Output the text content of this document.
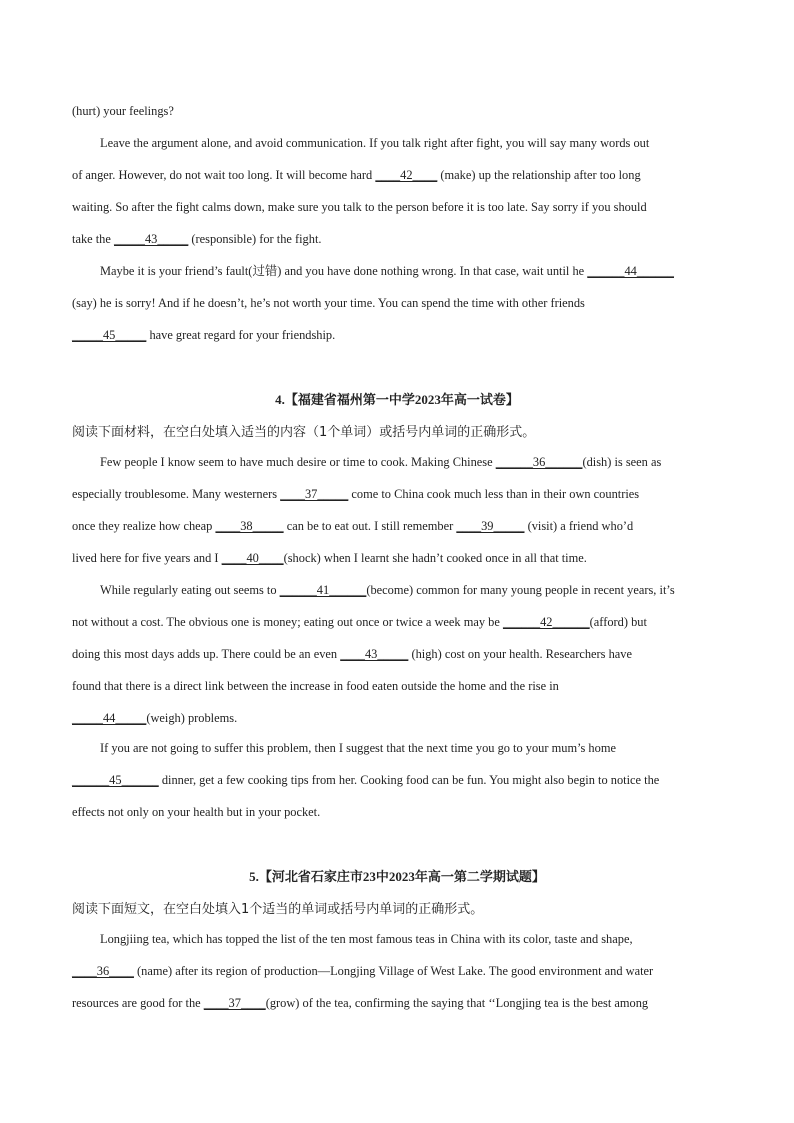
(hurt) your feelings?
Leave the argument alone, and avoid communication. If you talk right after fight, you will say many words out
of anger. However, do not wait too long. It will become hard ____42____ (make) up the relationship after too long
waiting. So after the fight calms down, make sure you talk to the person before it is too late. Say sorry if you should
take the _____43_____ (responsible) for the fight.
Maybe it is your friend’s fault(过错) and you have done nothing wrong. In that case, wait until he ______44______
(say) he is sorry! And if he doesn’t, he’s not worth your time. You can spend the time with other friends
_____45_____ have great regard for your friendship.
4.【福建省福州第一中学2023年高一试卷】
阅读下面材料，在空白处填入适当的内容（1个单词）或括号内单词的正确形式。
Few people I know seem to have much desire or time to cook. Making Chinese ______36______(dish) is seen as
especially troublesome. Many westerners ____37_____ come to China cook much less than in their own countries
once they realize how cheap ____38_____ can be to eat out. I still remember ____39_____ (visit) a friend who’d
lived here for five years and I ____40____(shock) when I learnt she hadn’t cooked once in all that time.
While regularly eating out seems to ______41______(become) common for many young people in recent years, it’s
not without a cost. The obvious one is money; eating out once or twice a week may be ______42______(afford) but
doing this most days adds up. There could be an even ____43_____ (high) cost on your health. Researchers have
found that there is a direct link between the increase in food eaten outside the home and the rise in
_____44_____(weigh) problems.
If you are not going to suffer this problem, then I suggest that the next time you go to your mum’s home
______45______ dinner, get a few cooking tips from her. Cooking food can be fun. You might also begin to notice the
effects not only on your health but in your pocket.
5.【河北省石家庄市23中2023年高一第二学期试题】
阅读下面短文，在空白处填入1个适当的单词或括号内单词的正确形式。
Longjiing tea, which has topped the list of the ten most famous teas in China with its color, taste and shape,
____36____ (name) after its region of production—Longjing Village of West Lake. The good environment and water
resources are good for the ____37____(grow) of the tea, confirming the saying that ‘‘Longjing tea is the best among
